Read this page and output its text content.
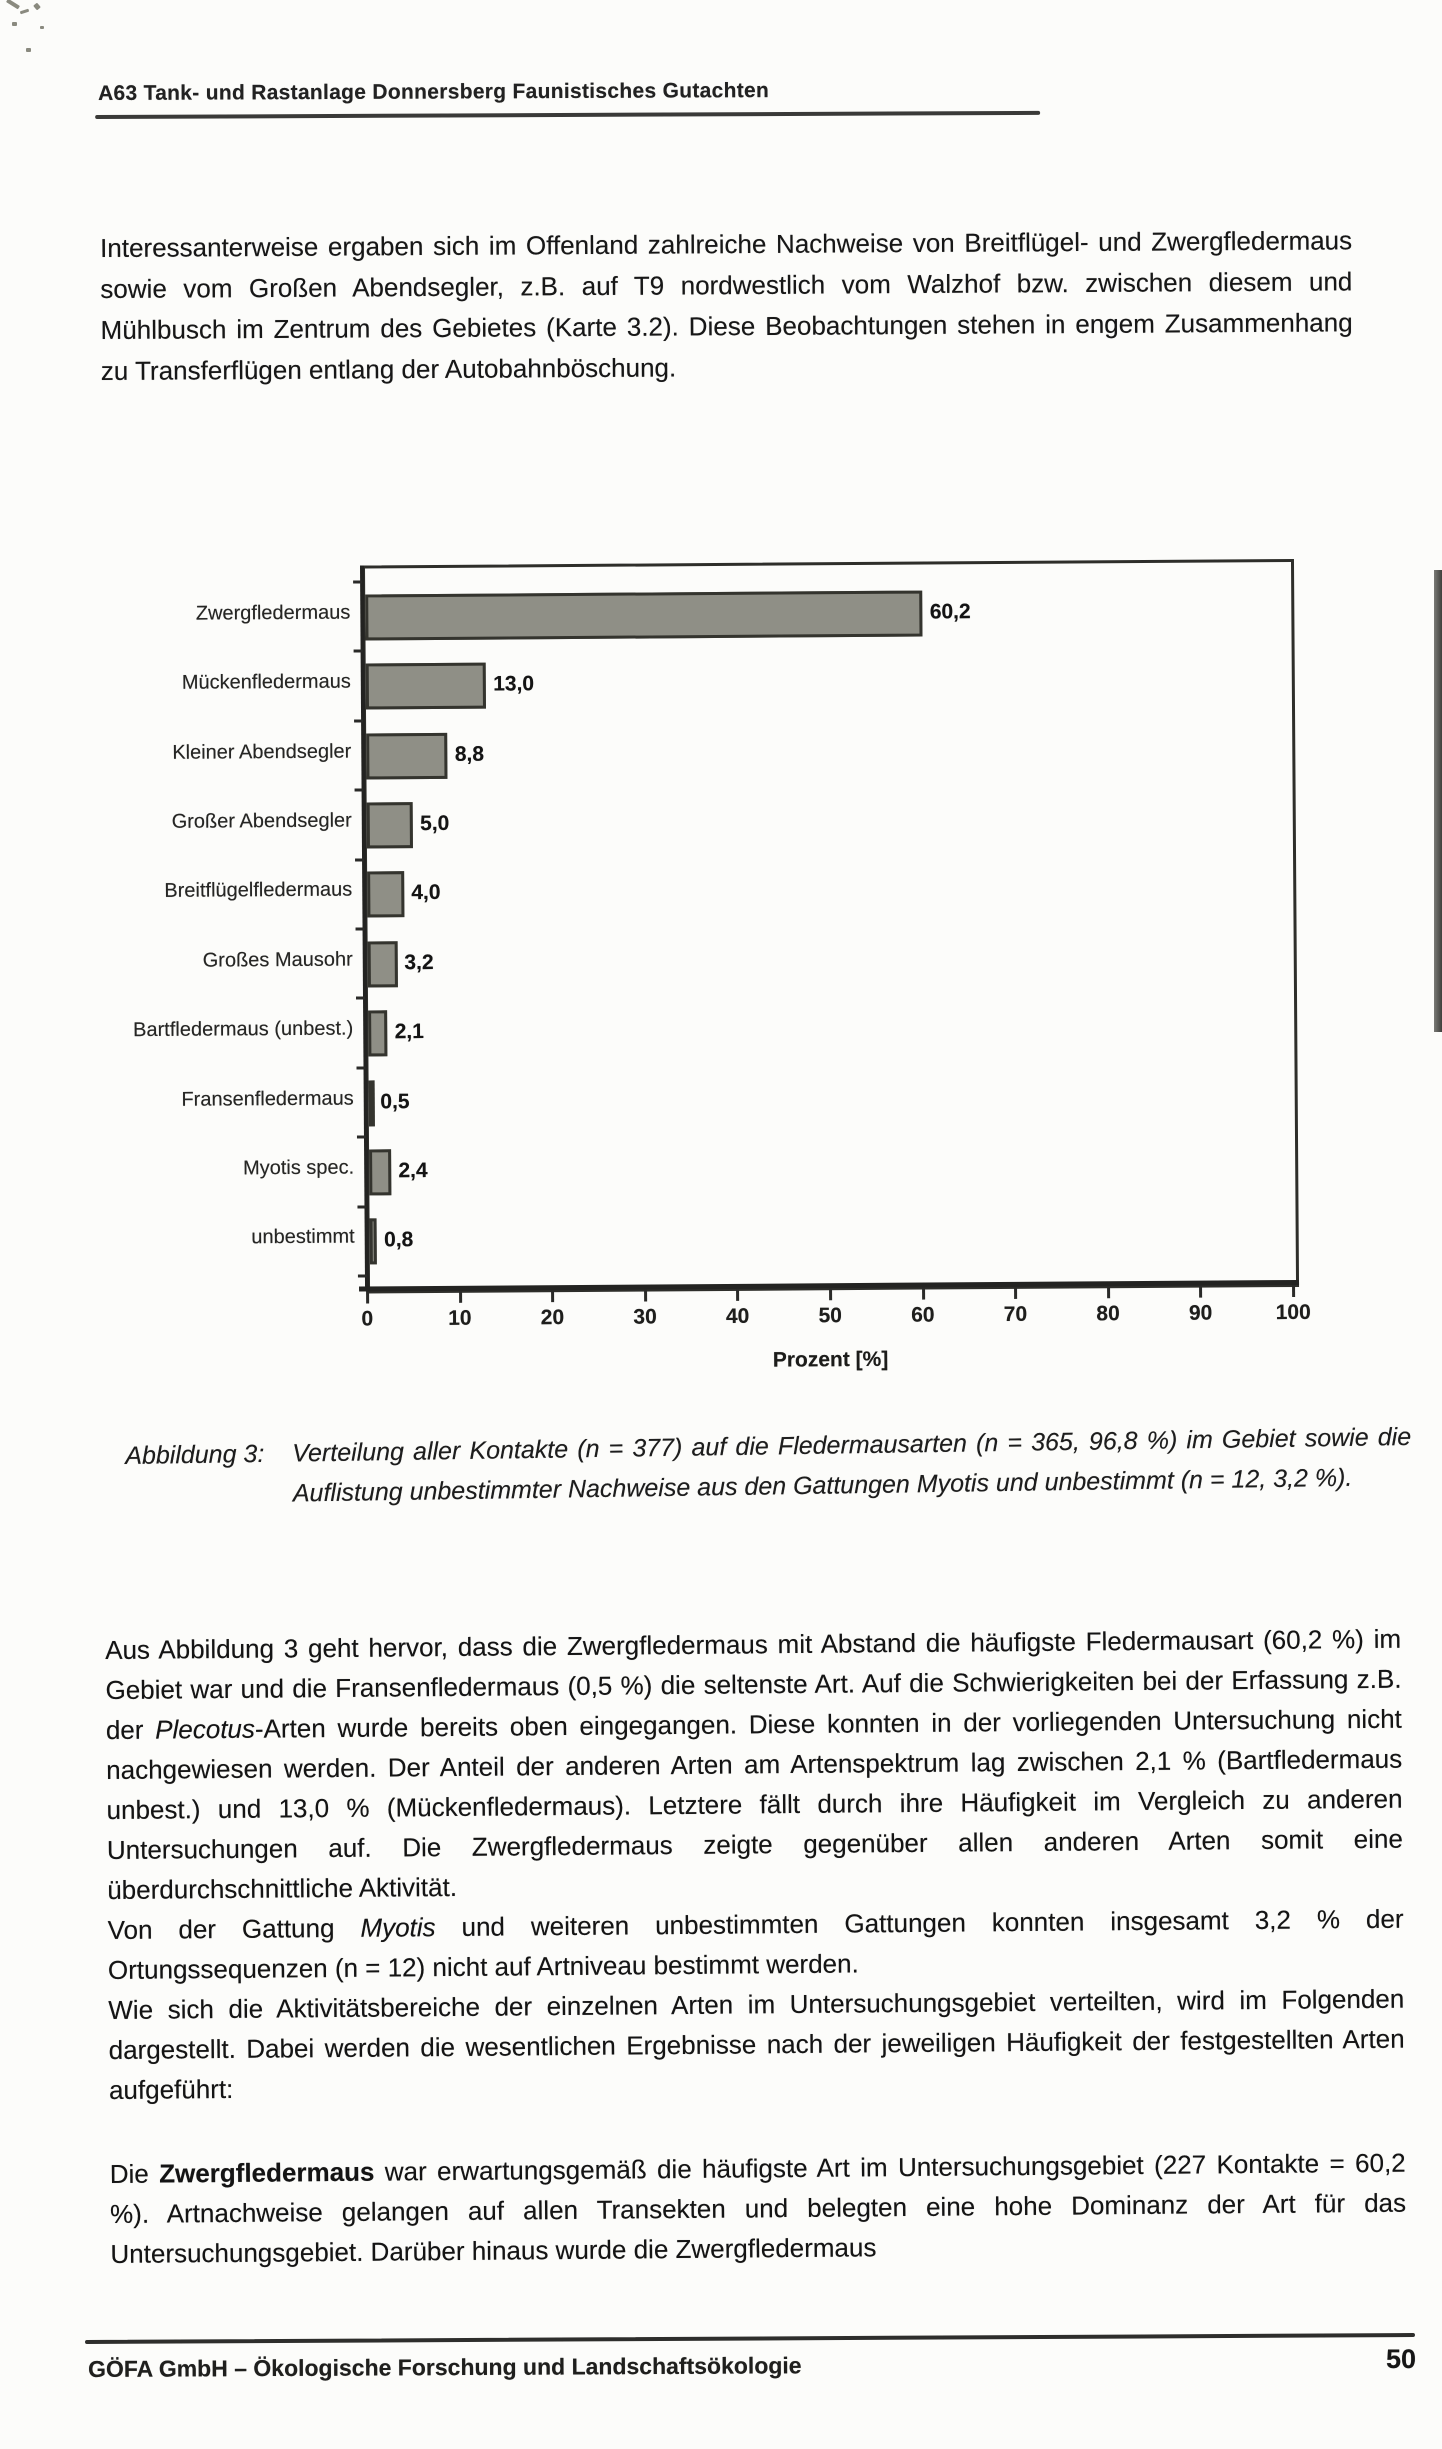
A63 Tank- und Rastanlage Donnersberg Faunistisches Gutachten

Interessanterweise ergaben sich im Offenland zahlreiche Nachweise von Breitflügel- und Zwergfledermaus sowie vom Großen Abendsegler, z.B. auf T9 nordwestlich vom Walzhof bzw. zwischen diesem und Mühlbusch im Zentrum des Gebietes (Karte 3.2). Diese Beobachtungen stehen in engem Zusammenhang zu Transferflügen entlang der Autobahnböschung.

60,2
13,0
8,8
5,0
4,0
3,2
2,1
0,5
2,4
0,8
0	10	20	30	40	50	60	70	80	90	100
Prozent [%]
Zwergfledermaus
Mückenfledermaus
Kleiner Abendsegler
Großer Abendsegler
Breitflügelfledermaus
Großes Mausohr
Bartfledermaus (unbest.)
Fransenfledermaus
Myotis spec.
unbestimmt
Abbildung 3:	Verteilung aller Kontakte (n = 377) auf die Fledermausarten (n = 365, 96,8 %) im Gebiet sowie die Auflistung unbestimmter Nachweise aus den Gattungen Myotis und unbestimmt (n = 12, 3,2 %).

Aus Abbildung 3 geht hervor, dass die Zwergfledermaus mit Abstand die häufigste Fledermausart (60,2 %) im Gebiet war und die Fransenfledermaus (0,5 %) die seltenste Art. Auf die Schwierigkeiten bei der Erfassung z.B. der Plecotus-Arten wurde bereits oben eingegangen. Diese konnten in der vorliegenden Untersuchung nicht nachgewiesen werden. Der Anteil der anderen Arten am Artenspektrum lag zwischen 2,1 % (Bartfledermaus unbest.) und 13,0 % (Mückenfledermaus). Letztere fällt durch ihre Häufigkeit im Vergleich zu anderen Untersuchungen auf. Die Zwergfledermaus zeigte gegenüber allen anderen Arten somit eine überdurchschnittliche Aktivität.

Von der Gattung Myotis und weiteren unbestimmten Gattungen konnten insgesamt 3,2 % der Ortungssequenzen (n = 12) nicht auf Artniveau bestimmt werden.

Wie sich die Aktivitätsbereiche der einzelnen Arten im Untersuchungsgebiet verteilten, wird im Folgenden dargestellt. Dabei werden die wesentlichen Ergebnisse nach der jeweiligen Häufigkeit der festgestellten Arten aufgeführt:

Die Zwergfledermaus war erwartungsgemäß die häufigste Art im Untersuchungsgebiet (227 Kontakte = 60,2 %). Artnachweise gelangen auf allen Transekten und belegten eine hohe Dominanz der Art für das Untersuchungsgebiet. Darüber hinaus wurde die Zwergfledermaus

GÖFA GmbH – Ökologische Forschung und Landschaftsökologie	50
